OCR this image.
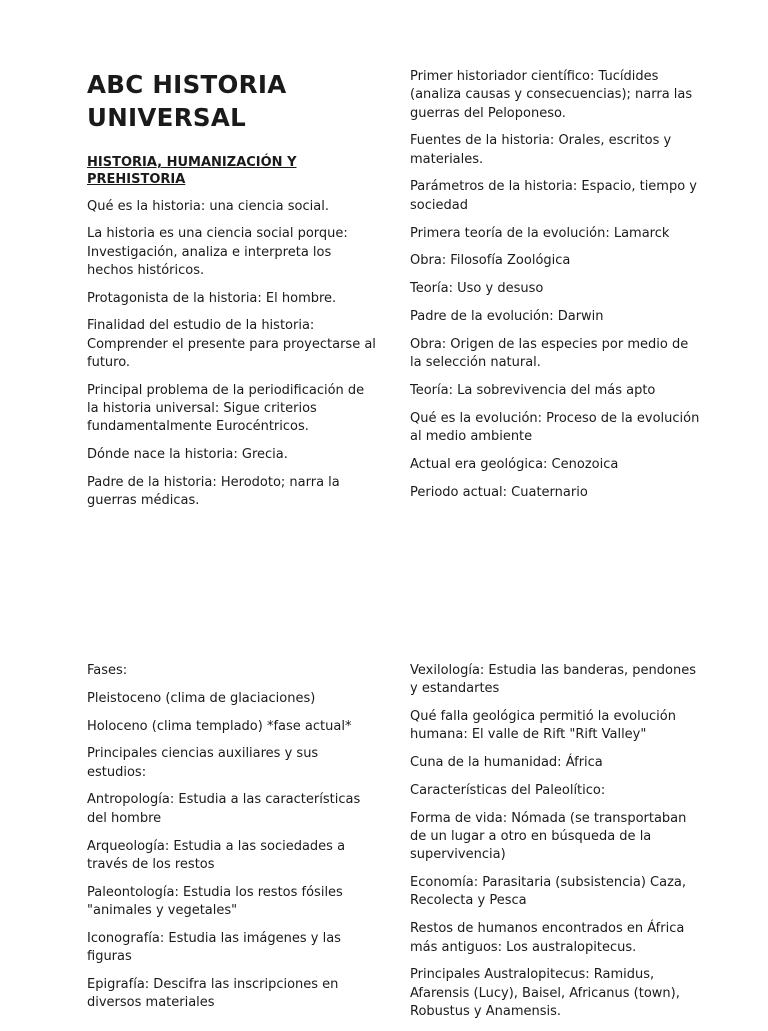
ABC HISTORIA UNIVERSAL
HISTORIA, HUMANIZACIÓN Y PREHISTORIA

Qué es la historia: una ciencia social.

La historia es una ciencia social porque: Investigación, analiza e interpreta los hechos históricos.

Protagonista de la historia: El hombre.

Finalidad del estudio de la historia: Comprender el presente para proyectarse al futuro.

Principal problema de la periodificación de la historia universal: Sigue criterios fundamentalmente Eurocéntricos.

Dónde nace la historia: Grecia.

Padre de la historia: Herodoto; narra la guerras médicas.

Primer historiador científico: Tucídides (analiza causas y consecuencias); narra las guerras del Peloponeso.

Fuentes de la historia: Orales, escritos y materiales.

Parámetros de la historia: Espacio, tiempo y sociedad

Primera teoría de la evolución: Lamarck

Obra: Filosofía Zoológica

Teoría: Uso y desuso

Padre de la evolución: Darwin

Obra: Origen de las especies por medio de la selección natural.

Teoría: La sobrevivencia del más apto

Qué es la evolución: Proceso de la evolución al medio ambiente

Actual era geológica: Cenozoica

Periodo actual: Cuaternario

Fases:

Pleistoceno (clima de glaciaciones)

Holoceno (clima templado) *fase actual*

Principales ciencias auxiliares y sus estudios:

Antropología: Estudia a las características del hombre

Arqueología: Estudia a las sociedades a través de los restos

Paleontología: Estudia los restos fósiles "animales y vegetales"

Iconografía: Estudia las imágenes y las figuras

Epigrafía: Descifra las inscripciones en diversos materiales

Vexilología: Estudia las banderas, pendones y estandartes

Qué falla geológica permitió la evolución humana: El valle de Rift "Rift Valley"

Cuna de la humanidad: África

Características del Paleolítico:

Forma de vida: Nómada (se transportaban de un lugar a otro en búsqueda de la supervivencia)

Economía: Parasitaria (subsistencia) Caza, Recolecta y Pesca

Restos de humanos encontrados en África más antiguos: Los australopitecus.

Principales Australopitecus: Ramidus, Afarensis (Lucy), Baisel, Africanus (town), Robustus y Anamensis.
